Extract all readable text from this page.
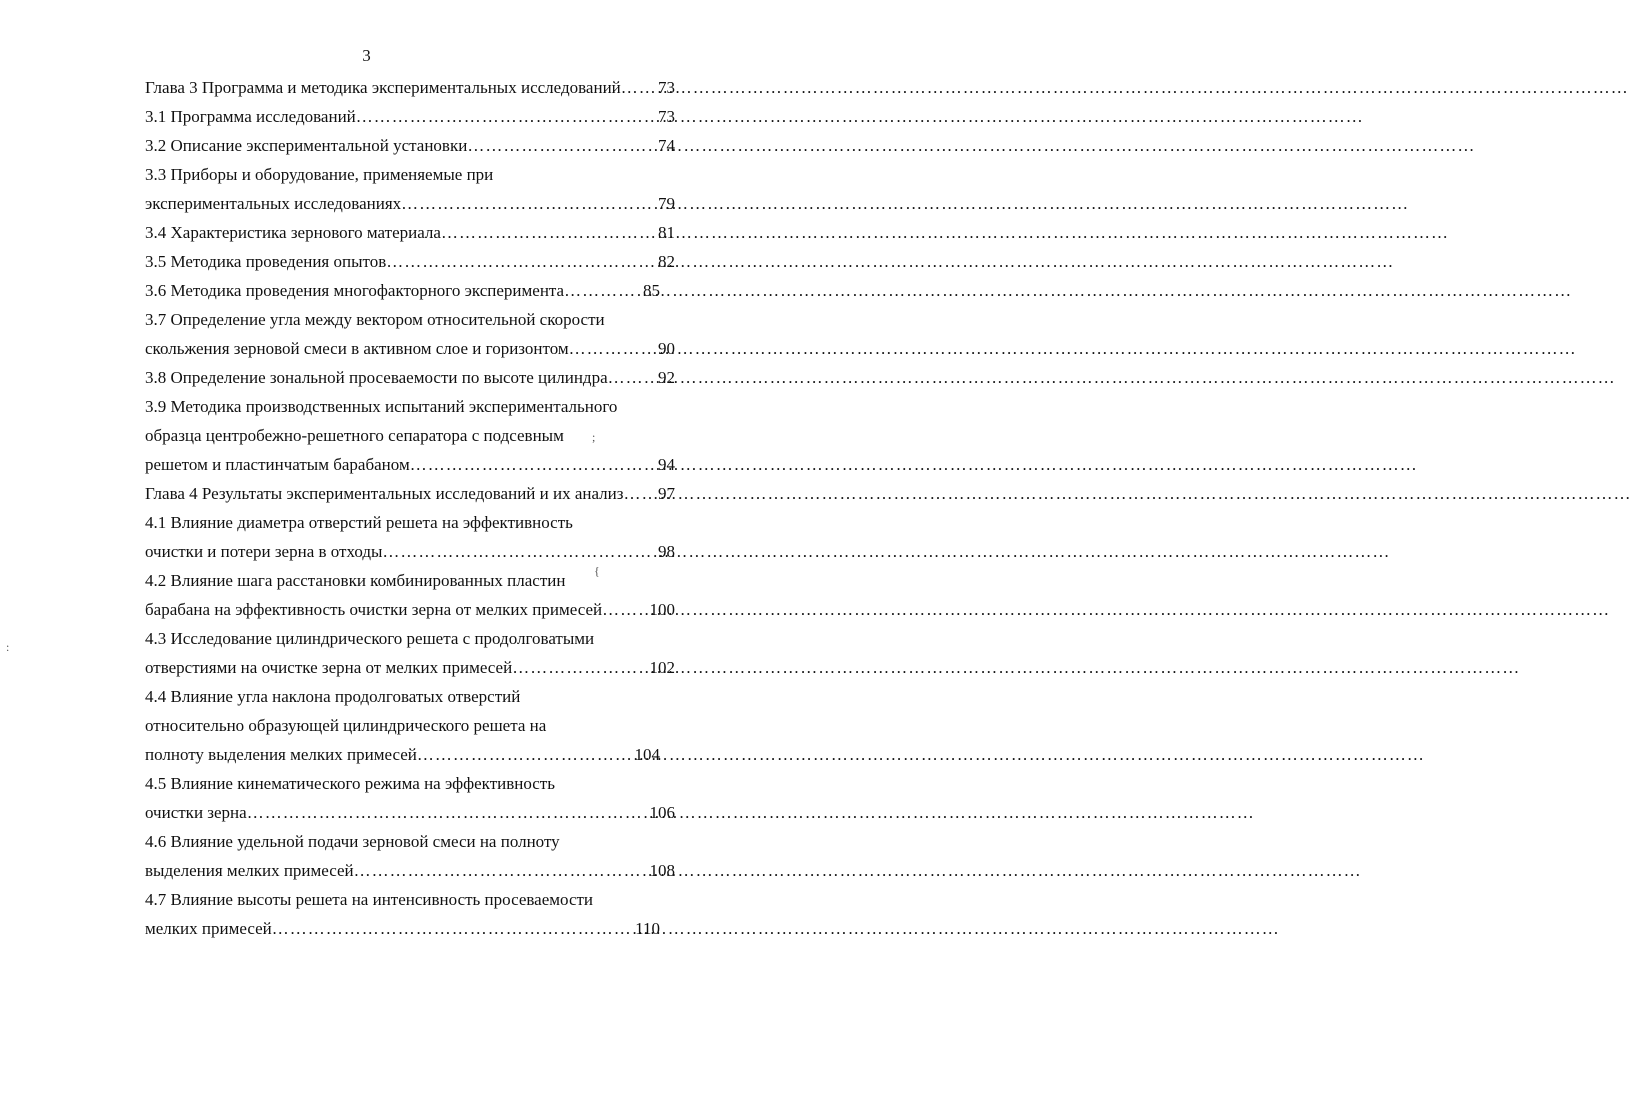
3
Глава 3 Программа и методика экспериментальных исследований …………………………………………………………………………………………………………………………………………………… 73
3.1 Программа исследований ……………………………………………………………………………………………………………………………………………………	73
3.2 Описание экспериментальной установки ……………………………………………………………………………………………………………………………………………………	74
3.3 Приборы и оборудование, применяемые при
экспериментальных исследованиях ……………………………………………………………………………………………………………………………………………………	79
3.4 Характеристика зернового материала ……………………………………………………………………………………………………………………………………………………	81
3.5 Методика проведения опытов ……………………………………………………………………………………………………………………………………………………	82
3.6 Методика проведения многофакторного эксперимента ……………………………………………………………………………………………………………………………………………………	85
3.7 Определение угла между вектором относительной скорости
скольжения зерновой смеси в активном слое и горизонтом ……………………………………………………………………………………………………………………………………………………	90
3.8 Определение зональной просеваемости по высоте цилиндра ……………………………………………………………………………………………………………………………………………………	92
3.9 Методика производственных испытаний экспериментального
образца центробежно-решетного сепаратора с подсевным
решетом и пластинчатым барабаном ……………………………………………………………………………………………………………………………………………………	94
Глава 4 Результаты экспериментальных исследований и их анализ …………………………………………………………………………………………………………………………………………………… 97
4.1 Влияние диаметра отверстий решета на эффективность
очистки и потери зерна в отходы ……………………………………………………………………………………………………………………………………………………	98
4.2 Влияние шага расстановки комбинированных пластин
барабана на эффективность очистки зерна от мелких примесей ……………………………………………………………………………………………………………………………………………………	100
4.3 Исследование цилиндрического решета с продолговатыми
отверстиями на очистке зерна от мелких примесей ……………………………………………………………………………………………………………………………………………………	102
4.4 Влияние угла наклона продолговатых отверстий
относительно образующей цилиндрического решета на
полноту выделения мелких примесей ……………………………………………………………………………………………………………………………………………………	104
4.5 Влияние кинематического режима на эффективность
очистки зерна ……………………………………………………………………………………………………………………………………………………	106
4.6 Влияние удельной подачи зерновой смеси на полноту
выделения мелких примесей ……………………………………………………………………………………………………………………………………………………	108
4.7 Влияние высоты решета на интенсивность просеваемости
мелких примесей ……………………………………………………………………………………………………………………………………………………	110
;
{
:
